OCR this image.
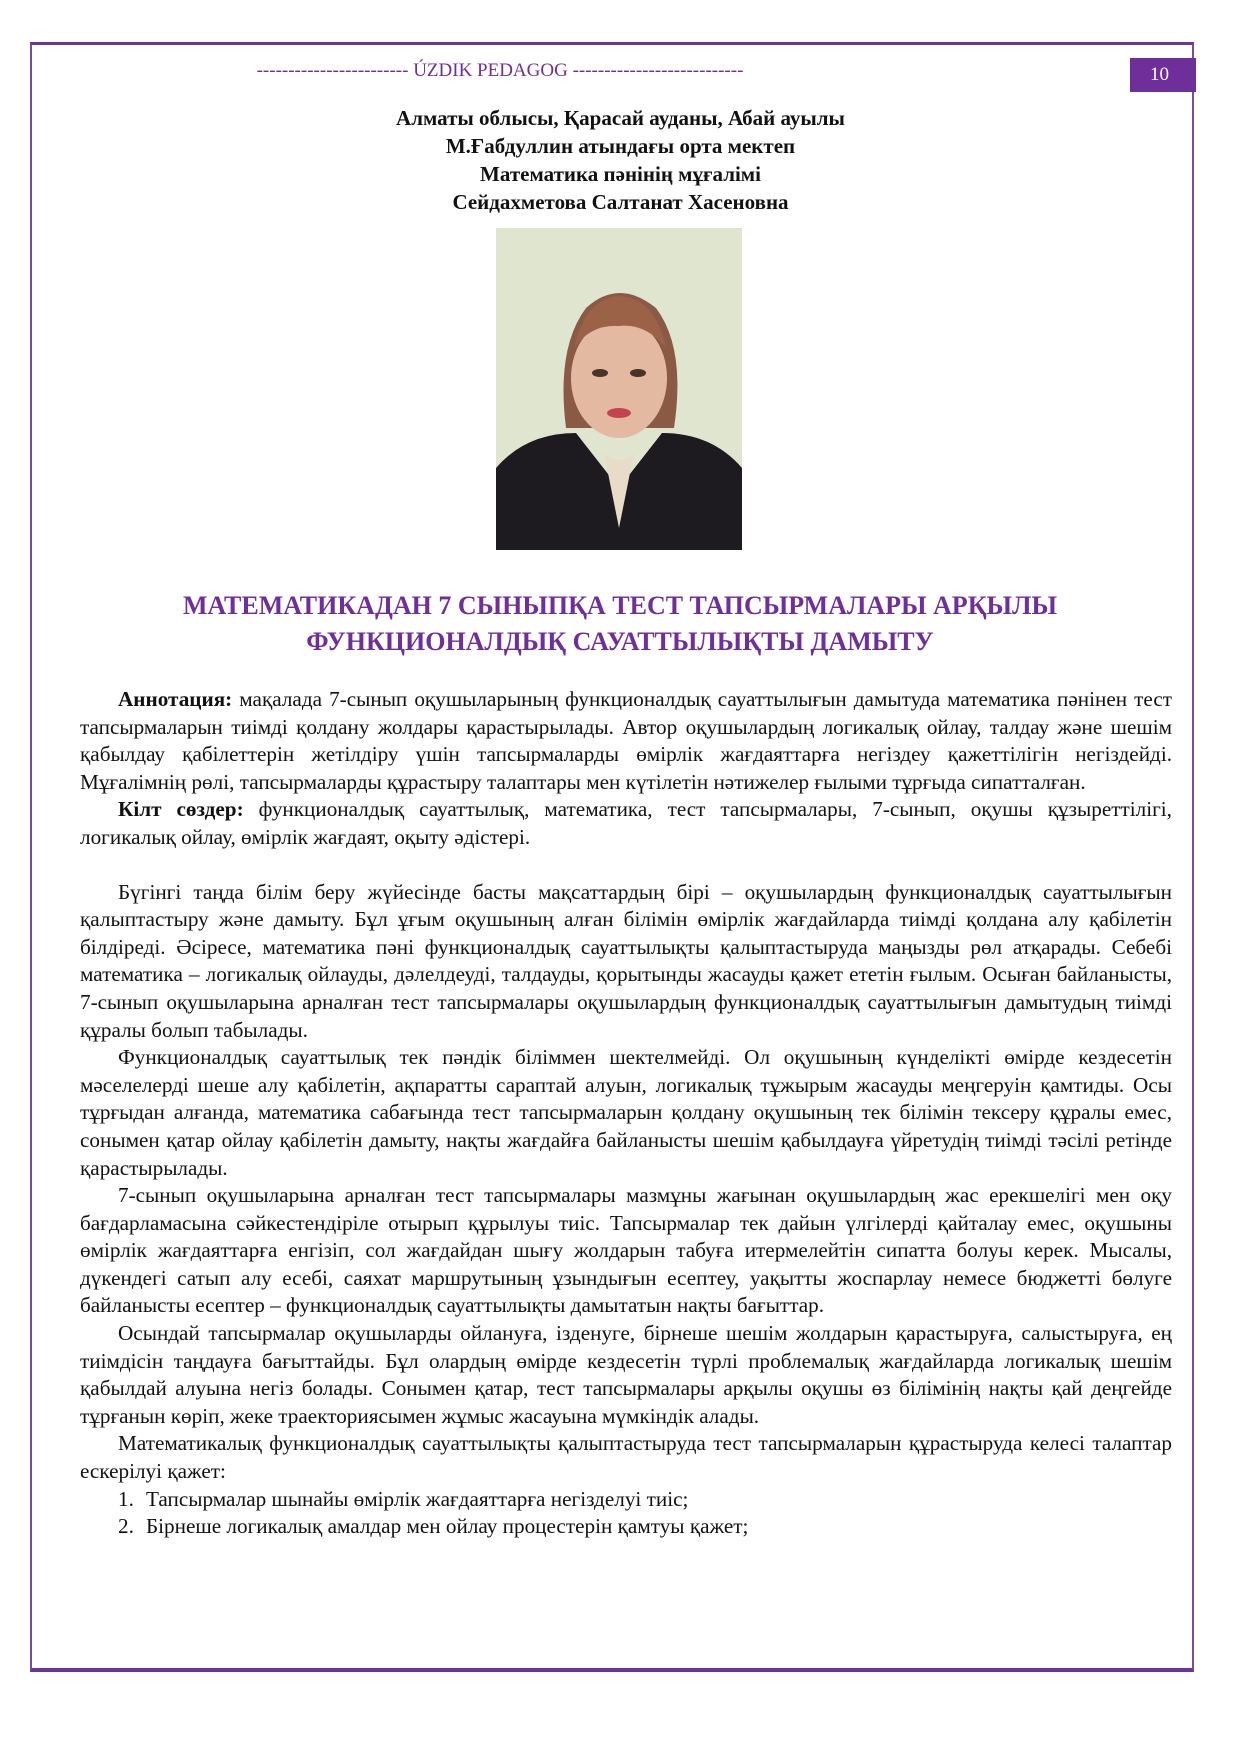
------------------------ ÚZDIK PEDAGOG ---------------------------	10
Алматы облысы, Қарасай ауданы, Абай ауылы
М.Ғабдуллин атындағы орта мектеп
Математика пәнінің мұғалімі
Сейдахметова Салтанат Хасеновна
МАТЕМАТИКАДАН 7 СЫНЫПҚА ТЕСТ ТАПСЫРМАЛАРЫ АРҚЫЛЫ
ФУНКЦИОНАЛДЫҚ САУАТТЫЛЫҚТЫ ДАМЫТУ

Аннотация: мақалада 7-сынып оқушыларының функционалдық сауаттылығын дамытуда математика пәнінен тест тапсырмаларын тиімді қолдану жолдары қарастырылады. Автор оқушылардың логикалық ойлау, талдау және шешім қабылдау қабілеттерін жетілдіру үшін тапсырмаларды өмірлік жағдаяттарға негіздеу қажеттілігін негіздейді. Мұғалімнің рөлі, тапсырмаларды құрастыру талаптары мен күтілетін нәтижелер ғылыми тұрғыда сипатталған.

Кілт сөздер: функционалдық сауаттылық, математика, тест тапсырмалары, 7-сынып, оқушы құзыреттілігі, логикалық ойлау, өмірлік жағдаят, оқыту әдістері.

Бүгінгі таңда білім беру жүйесінде басты мақсаттардың бірі – оқушылардың функционалдық сауаттылығын қалыптастыру және дамыту. Бұл ұғым оқушының алған білімін өмірлік жағдайларда тиімді қолдана алу қабілетін білдіреді. Әсіресе, математика пәні функционалдық сауаттылықты қалыптастыруда маңызды рөл атқарады. Себебі математика – логикалық ойлауды, дәлелдеуді, талдауды, қорытынды жасауды қажет ететін ғылым. Осыған байланысты, 7-сынып оқушыларына арналған тест тапсырмалары оқушылардың функционалдық сауаттылығын дамытудың тиімді құралы болып табылады.

Функционалдық сауаттылық тек пәндік біліммен шектелмейді. Ол оқушының күнделікті өмірде кездесетін мәселелерді шеше алу қабілетін, ақпаратты сараптай алуын, логикалық тұжырым жасауды меңгеруін қамтиды. Осы тұрғыдан алғанда, математика сабағында тест тапсырмаларын қолдану оқушының тек білімін тексеру құралы емес, сонымен қатар ойлау қабілетін дамыту, нақты жағдайға байланысты шешім қабылдауға үйретудің тиімді тәсілі ретінде қарастырылады.

7-сынып оқушыларына арналған тест тапсырмалары мазмұны жағынан оқушылардың жас ерекшелігі мен оқу бағдарламасына сәйкестендіріле отырып құрылуы тиіс. Тапсырмалар тек дайын үлгілерді қайталау емес, оқушыны өмірлік жағдаяттарға енгізіп, сол жағдайдан шығу жолдарын табуға итермелейтін сипатта болуы керек. Мысалы, дүкендегі сатып алу есебі, саяхат маршрутының ұзындығын есептеу, уақытты жоспарлау немесе бюджетті бөлуге байланысты есептер – функционалдық сауаттылықты дамытатын нақты бағыттар.

Осындай тапсырмалар оқушыларды ойлануға, ізденуге, бірнеше шешім жолдарын қарастыруға, салыстыруға, ең тиімдісін таңдауға бағыттайды. Бұл олардың өмірде кездесетін түрлі проблемалық жағдайларда логикалық шешім қабылдай алуына негіз болады. Сонымен қатар, тест тапсырмалары арқылы оқушы өз білімінің нақты қай деңгейде тұрғанын көріп, жеке траекториясымен жұмыс жасауына мүмкіндік алады.

Математикалық функционалдық сауаттылықты қалыптастыруда тест тапсырмаларын құрастыруда келесі талаптар ескерілуі қажет:

1. Тапсырмалар шынайы өмірлік жағдаяттарға негізделуі тиіс;
2. Бірнеше логикалық амалдар мен ойлау процестерін қамтуы қажет;
